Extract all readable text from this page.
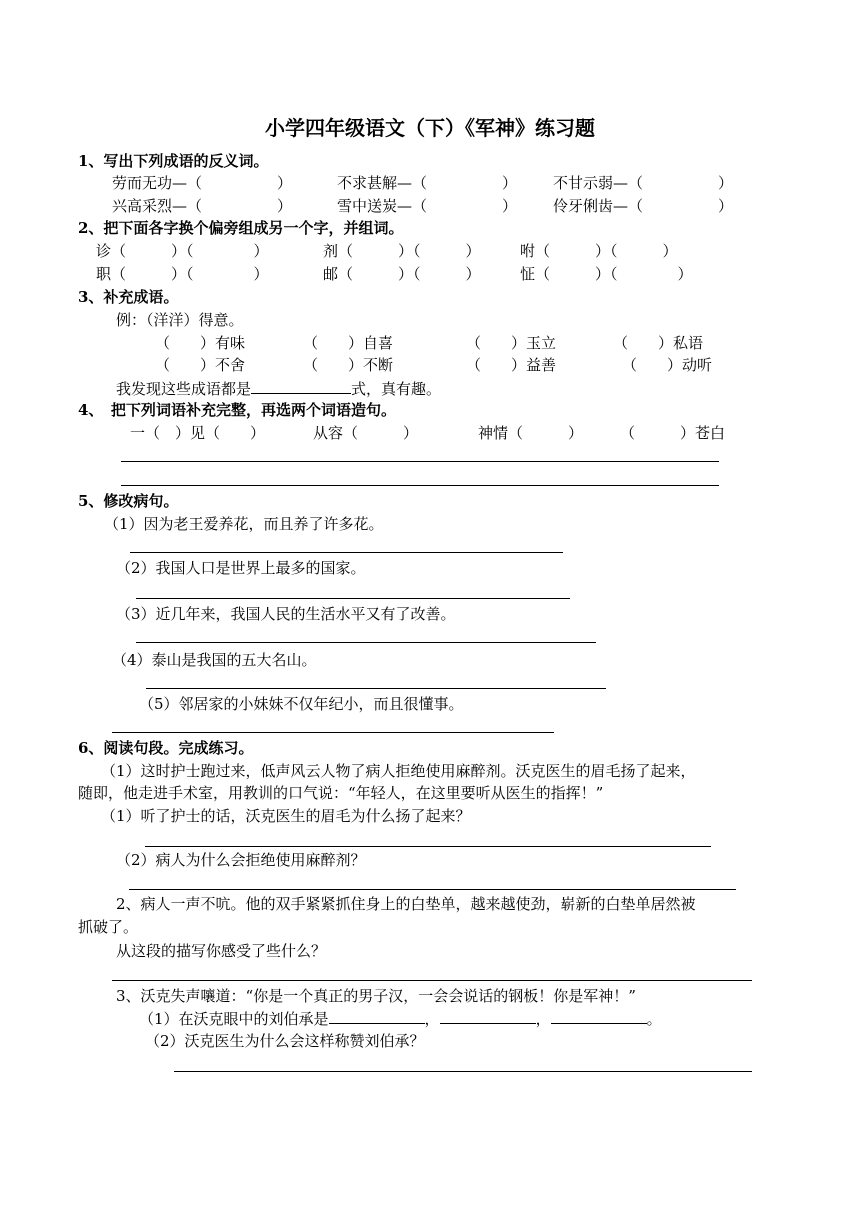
小学四年级语文（下）《军神》练习题
1、写出下列成语的反义词。
劳而无功—（　　　　　）	不求甚解—（　　　　　） 不甘示弱—（　　　　　）
兴高采烈—（　　　　　）	雪中送炭—（　　　　　） 伶牙俐齿—（　　　　　）
2、把下面各字换个偏旁组成另一个字，并组词。
诊（　　　）（　　　　）	剂（　　　）（　　　）	咐（　　　）（　　　）
职（　　　）（　　　　）	邮（　　　）（　　　）	怔（　　　）（　　　　）
3、补充成语。
例：（洋洋）得意。
（　　）有味	（　　）自喜	（　　）玉立	（　　）私语
（　　）不舍	（　　）不断	（　　）益善	（　　）动听
我发现这些成语都是	式，真有趣。
4、　把下列词语补充完整，再选两个词语造句。
一（　）见（　　）	从容（　　　）	神情（　　　） （　　　）苍白
5、修改病句。
（1）因为老王爱养花，而且养了许多花。
（2）我国人口是世界上最多的国家。
（3）近几年来，我国人民的生活水平又有了改善。
（4）泰山是我国的五大名山。
（5）邻居家的小妹妹不仅年纪小，而且很懂事。
6、阅读句段。完成练习。
（1）这时护士跑过来，低声风云人物了病人拒绝使用麻醉剂。沃克医生的眉毛扬了起来，
随即，他走进手术室，用教训的口气说：“年轻人，在这里要听从医生的指挥！”
（1）听了护士的话，沃克医生的眉毛为什么扬了起来？
（2）病人为什么会拒绝使用麻醉剂？
2、病人一声不吭。他的双手紧紧抓住身上的白垫单，越来越使劲，崭新的白垫单居然被
抓破了。
从这段的描写你感受了些什么？
3、沃克失声嚷道：“你是一个真正的男子汉，一会会说话的钢板！你是军神！”
（1）在沃克眼中的刘伯承是	，	，	。
（2）沃克医生为什么会这样称赞刘伯承？
